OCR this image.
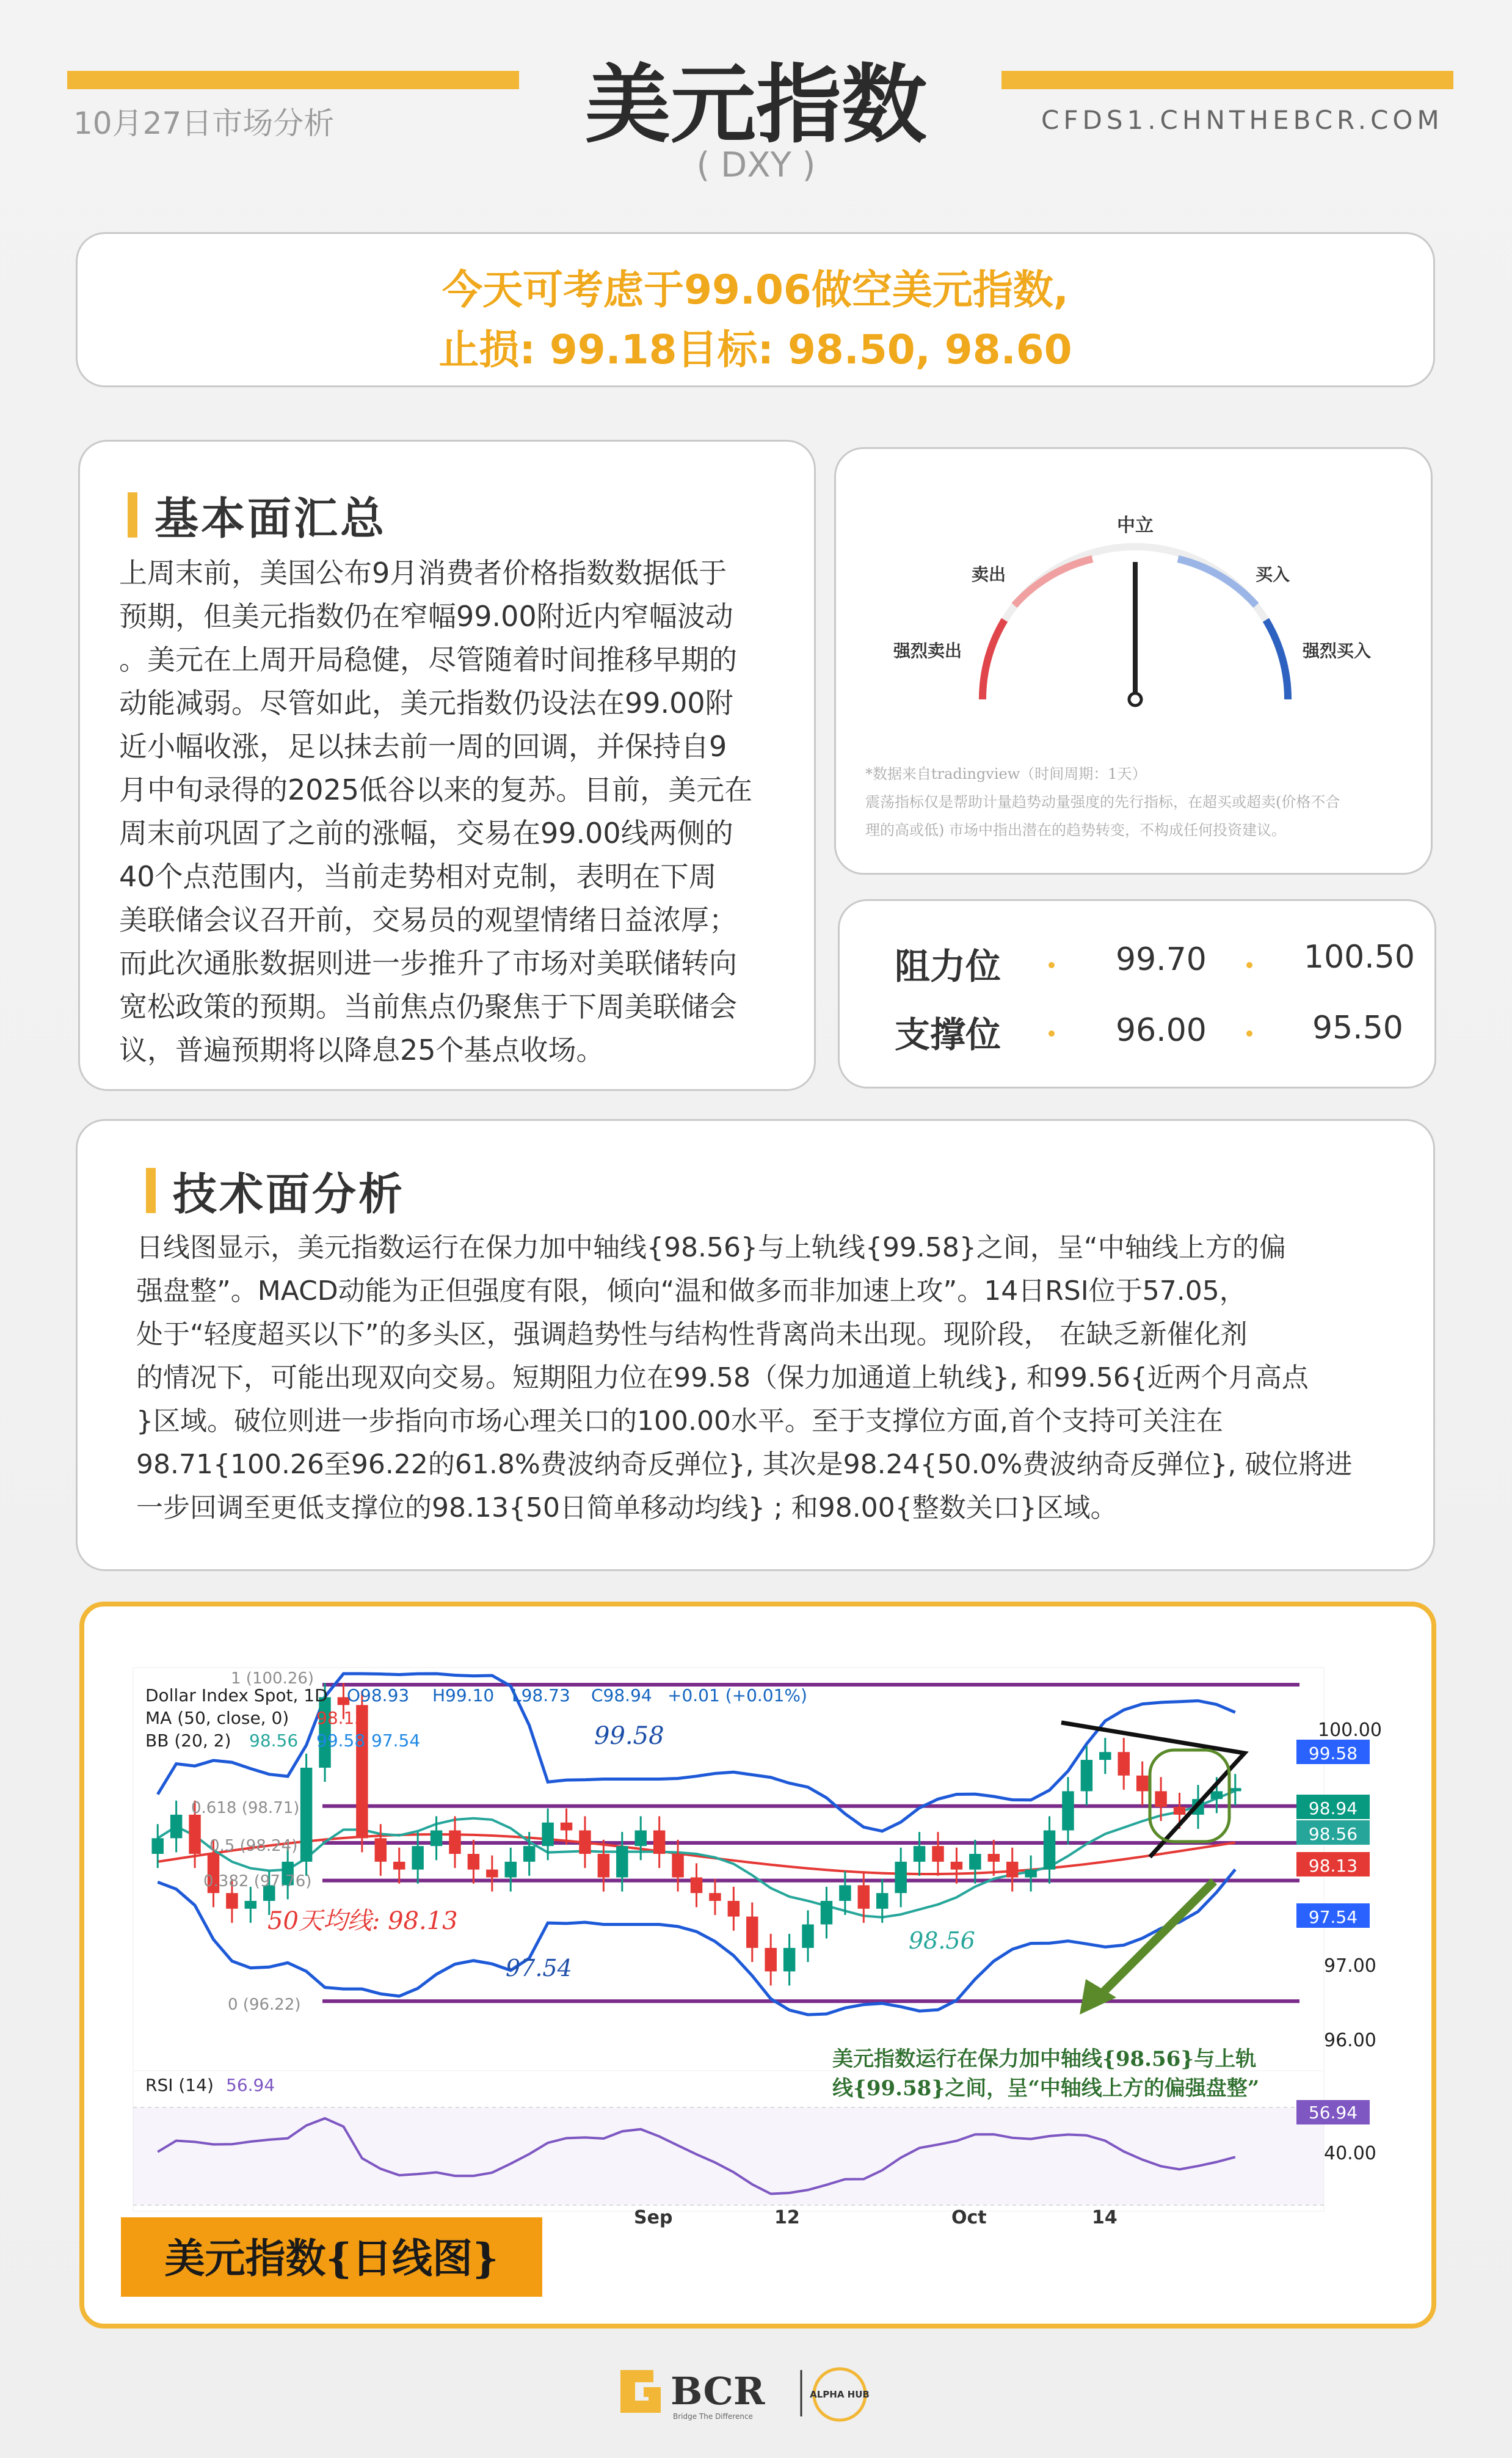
10月27日市场分析	美元指数
( DXY )
CFDS1.CHNTHEBCR.COM
今天可考虑于99.06做空美元指数,
止损: 99.18目标: 98.50, 98.60
基本面汇总
上周末前，美国公布9月消费者价格指数数据低于
预期，但美元指数仍在窄幅99.00附近内窄幅波动
。美元在上周开局稳健，尽管随着时间推移早期的
动能减弱。尽管如此，美元指数仍设法在99.00附
近小幅收涨，足以抹去前一周的回调，并保持自9
月中旬录得的2025低谷以来的复苏。目前，美元在
周末前巩固了之前的涨幅，交易在99.00线两侧的
40个点范围内，当前走势相对克制，表明在下周
美联储会议召开前，交易员的观望情绪日益浓厚；
而此次通胀数据则进一步推升了市场对美联储转向
宽松政策的预期。当前焦点仍聚焦于下周美联储会
议，普遍预期将以降息25个基点收场。
中立
卖出	买入
强烈卖出	强烈买入
*数据来自tradingview（时间周期：1天）
震荡指标仅是帮助计量趋势动量强度的先行指标，在超买或超卖(价格不合
理的高或低) 市场中指出潜在的趋势转变，不构成任何投资建议。
阻力位	99.70	100.50
支撑位	96.00	95.50
技术面分析
日线图显示，美元指数运行在保力加中轴线{98.56}与上轨线{99.58}之间，呈“中轴线上方的偏
强盘整”。MACD动能为正但强度有限，倾向“温和做多而非加速上攻”。14日RSI位于57.05，
处于“轻度超买以下”的多头区，强调趋势性与结构性背离尚未出现。现阶段， 在缺乏新催化剂
的情况下，可能出现双向交易。短期阻力位在99.58（保力加通道上轨线}, 和99.56{近两个月高点
}区域。破位则进一步指向市场心理关口的100.00水平。至于支撑位方面,首个支持可关注在
98.71{100.26至96.22的61.8%费波纳奇反弹位}, 其次是98.24{50.0%费波纳奇反弹位}, 破位將进
一步回调至更低支撑位的98.13{50日简单移动均线} ; 和98.00{整数关口}区域。
99.58
98.94
98.56
98.13
97.54
56.94
Dollar Index Spot, 1D O98.93 H99.10 L98.73 C98.94 +0.01 (+0.01%)
MA (50, close, 0) 98.13
BB (20, 2) 98.56 99.58 97.54
1 (100.26)
0.618 (98.71)
0.5 (98.24)
0.382 (97.76)
0 (96.22)
99.58
98.56
97.54
50天均线: 98.13
美元指数运行在保力加中轴线{98.56}与上轨
线{99.58}之间，呈“中轴线上方的偏强盘整”
100.00
97.00
96.00
RSI (14) 56.94
40.00
Sep	12	Oct	14
美元指数{日线图}
BCR
Bridge The Difference
ALPHA HUB
